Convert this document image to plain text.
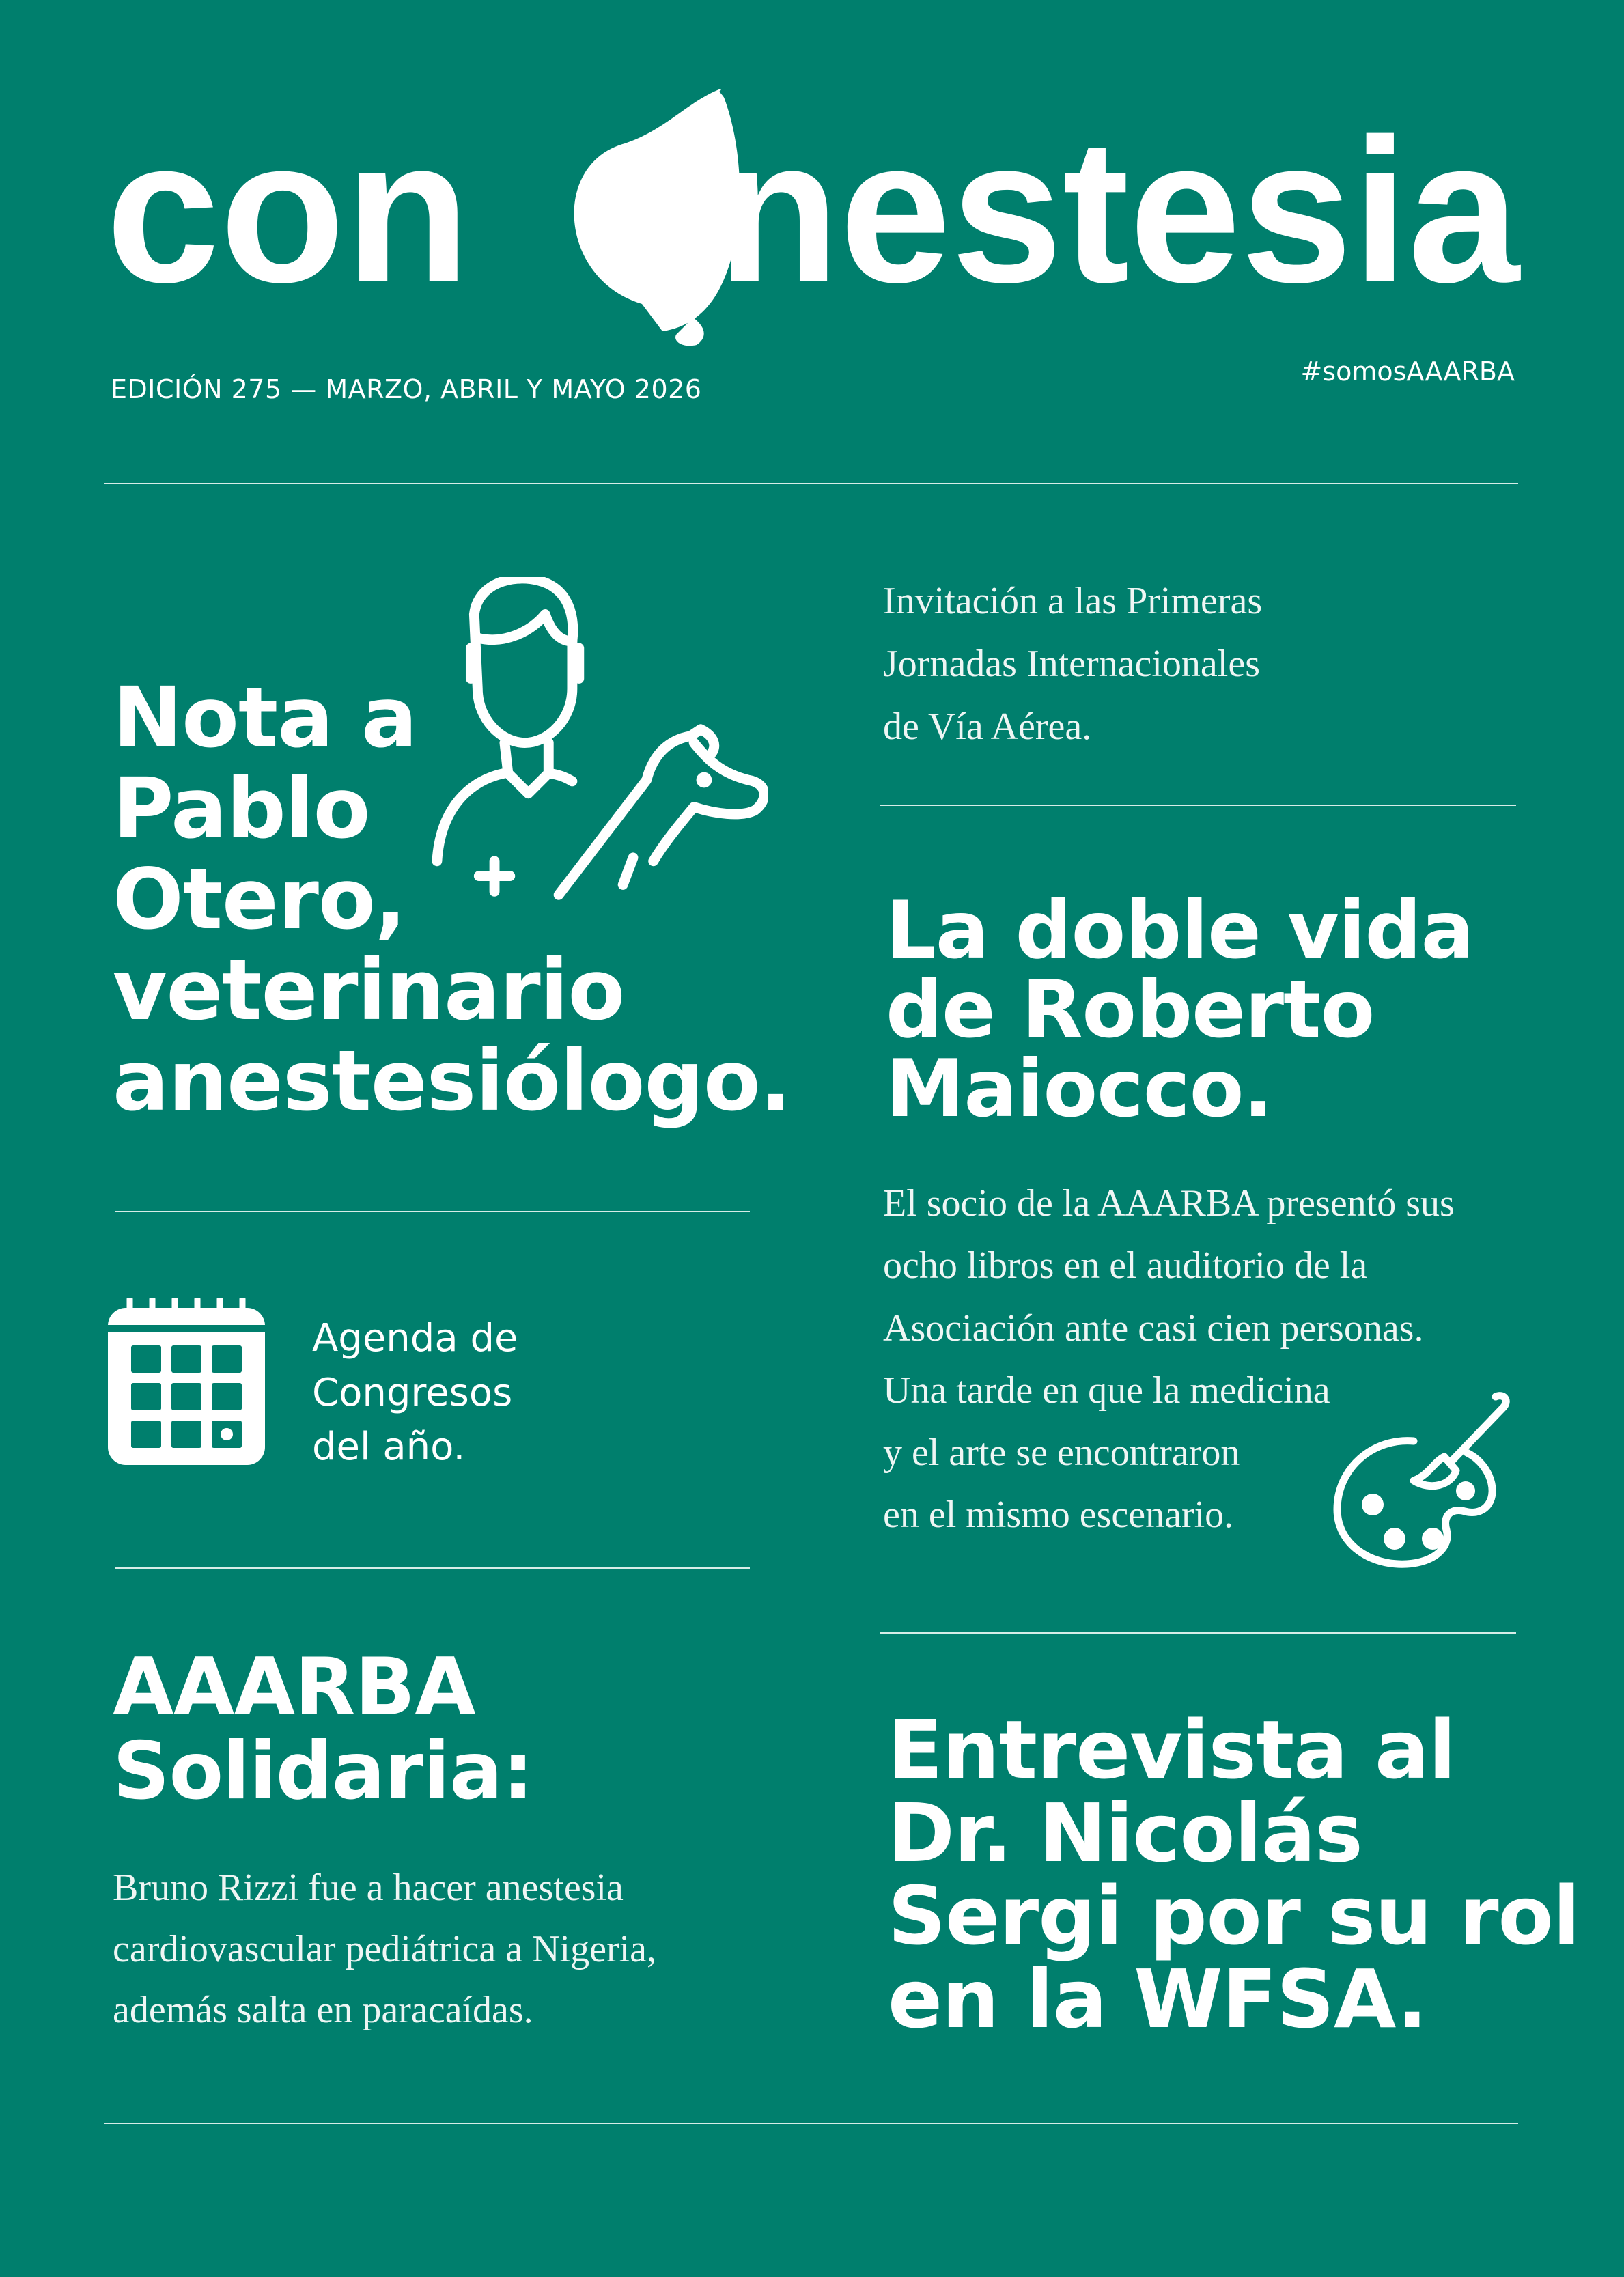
con nestesia
EDICIÓN 275 — MARZO, ABRIL Y MAYO 2026
#somosAAARBA
Nota a
Pablo
Otero,
veterinario
anestesiólogo.
Agenda de
Congresos
del año.
AAARBA
Solidaria:
Bruno Rizzi fue a hacer anestesia
cardiovascular pediátrica a Nigeria,
además salta en paracaídas.
Invitación a las Primeras
Jornadas Internacionales
de Vía Aérea.
La doble vida
de Roberto
Maiocco.
El socio de la AAARBA presentó sus
ocho libros en el auditorio de la
Asociación ante casi cien personas.
Una tarde en que la medicina
y el arte se encontraron
en el mismo escenario.
Entrevista al
Dr. Nicolás
Sergi por su rol
en la WFSA.
